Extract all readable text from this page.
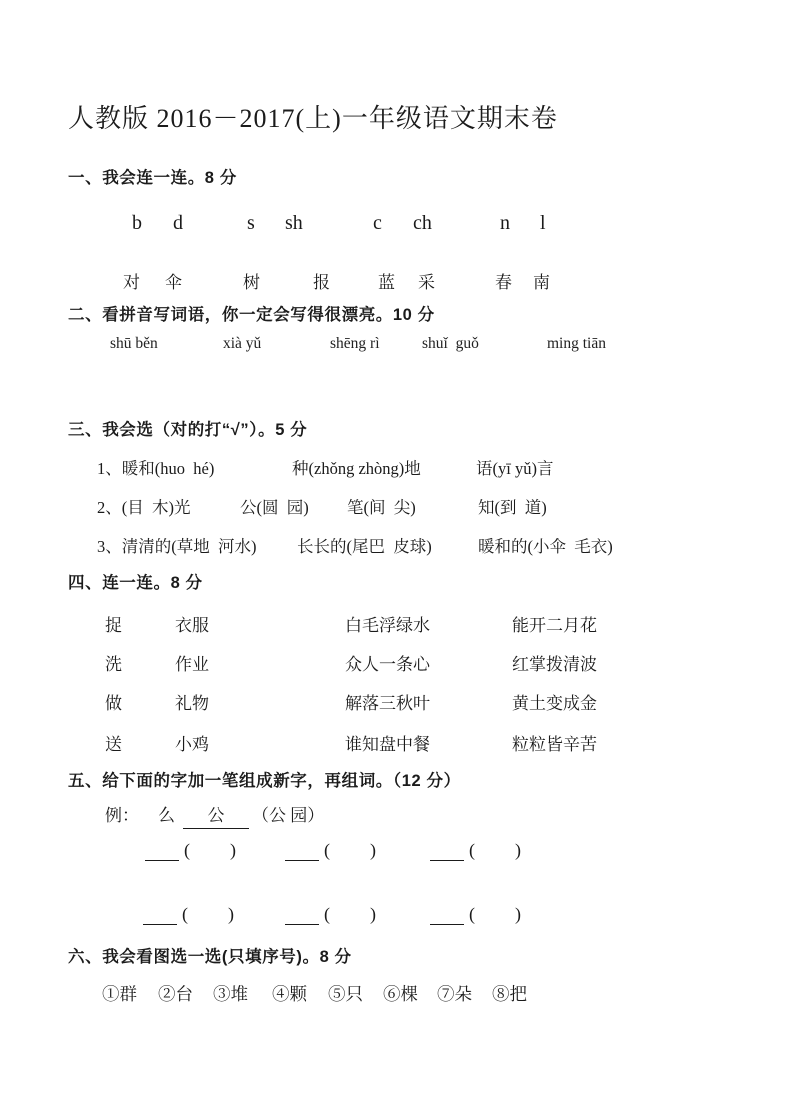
人教版 2016－2017(上)一年级语文期末卷
一、我会连一连。8 分
b d	s sh	c ch	n l
对 伞	树	报	蓝 采	春 南
二、看拼音写词语，你一定会写得很漂亮。10 分
shū běn	xià yǔ	shēng rì	shuǐ  guǒ	ming tiān
三、我会选（对的打“√”）。5 分
1、暖和(huo  hé)	种(zhǒng zhòng)地	语(yī yǔ)言
2、(目  木)光	公(圆  园) 笔(间  尖)	知(到  道)
3、清清的(草地  河水) 长长的(尾巴  皮球)	暖和的(小伞  毛衣)
四、连一连。8 分
捉	衣服	白毛浮绿水	能开二月花
洗	作业	众人一条心	红掌拨清波
做	礼物	解落三秋叶	黄土变成金
送	小鸡	谁知盘中餐	粒粒皆辛苦
五、给下面的字加一笔组成新字，再组词。（12 分）
例： 么	公	（公 园）
( )	( )	( )
( )	( )	( )
六、我会看图选一选(只填序号)。8 分
①群 ②台 ③堆 ④颗 ⑤只 ⑥棵 ⑦朵 ⑧把
